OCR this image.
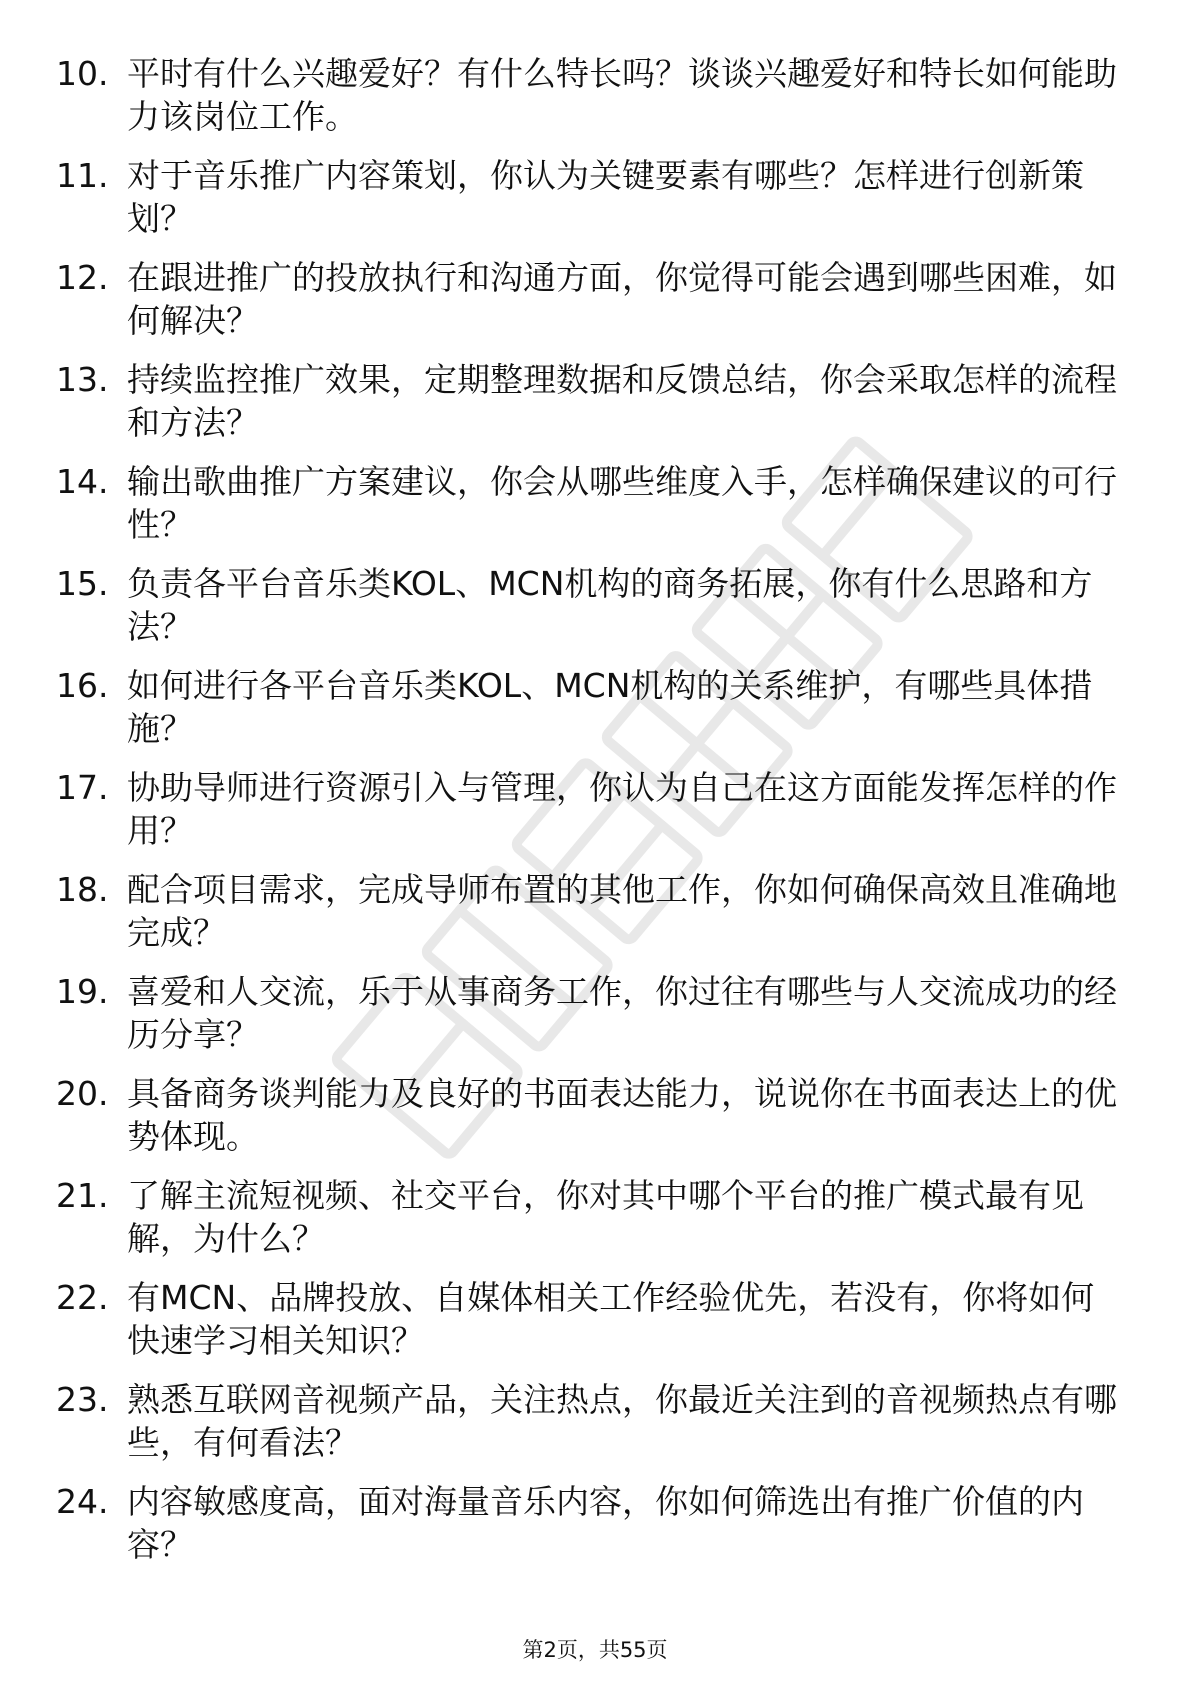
10. 平时有什么兴趣爱好？有什么特长吗？谈谈兴趣爱好和特长如何能助力该岗位工作。
11. 对于音乐推广内容策划，你认为关键要素有哪些？怎样进行创新策划？
12. 在跟进推广的投放执行和沟通方面，你觉得可能会遇到哪些困难，如何解决？
13. 持续监控推广效果，定期整理数据和反馈总结，你会采取怎样的流程和方法？
14. 输出歌曲推广方案建议，你会从哪些维度入手，怎样确保建议的可行性？
15. 负责各平台音乐类KOL、MCN机构的商务拓展，你有什么思路和方法？
16. 如何进行各平台音乐类KOL、MCN机构的关系维护，有哪些具体措施？
17. 协助导师进行资源引入与管理，你认为自己在这方面能发挥怎样的作用？
18. 配合项目需求，完成导师布置的其他工作，你如何确保高效且准确地完成？
19. 喜爱和人交流，乐于从事商务工作，你过往有哪些与人交流成功的经历分享？
20. 具备商务谈判能力及良好的书面表达能力，说说你在书面表达上的优势体现。
21. 了解主流短视频、社交平台，你对其中哪个平台的推广模式最有见解，为什么？
22. 有MCN、品牌投放、自媒体相关工作经验优先，若没有，你将如何快速学习相关知识？
23. 熟悉互联网音视频产品，关注热点，你最近关注到的音视频热点有哪些，有何看法？
24. 内容敏感度高，面对海量音乐内容，你如何筛选出有推广价值的内容？
第2页，共55页
